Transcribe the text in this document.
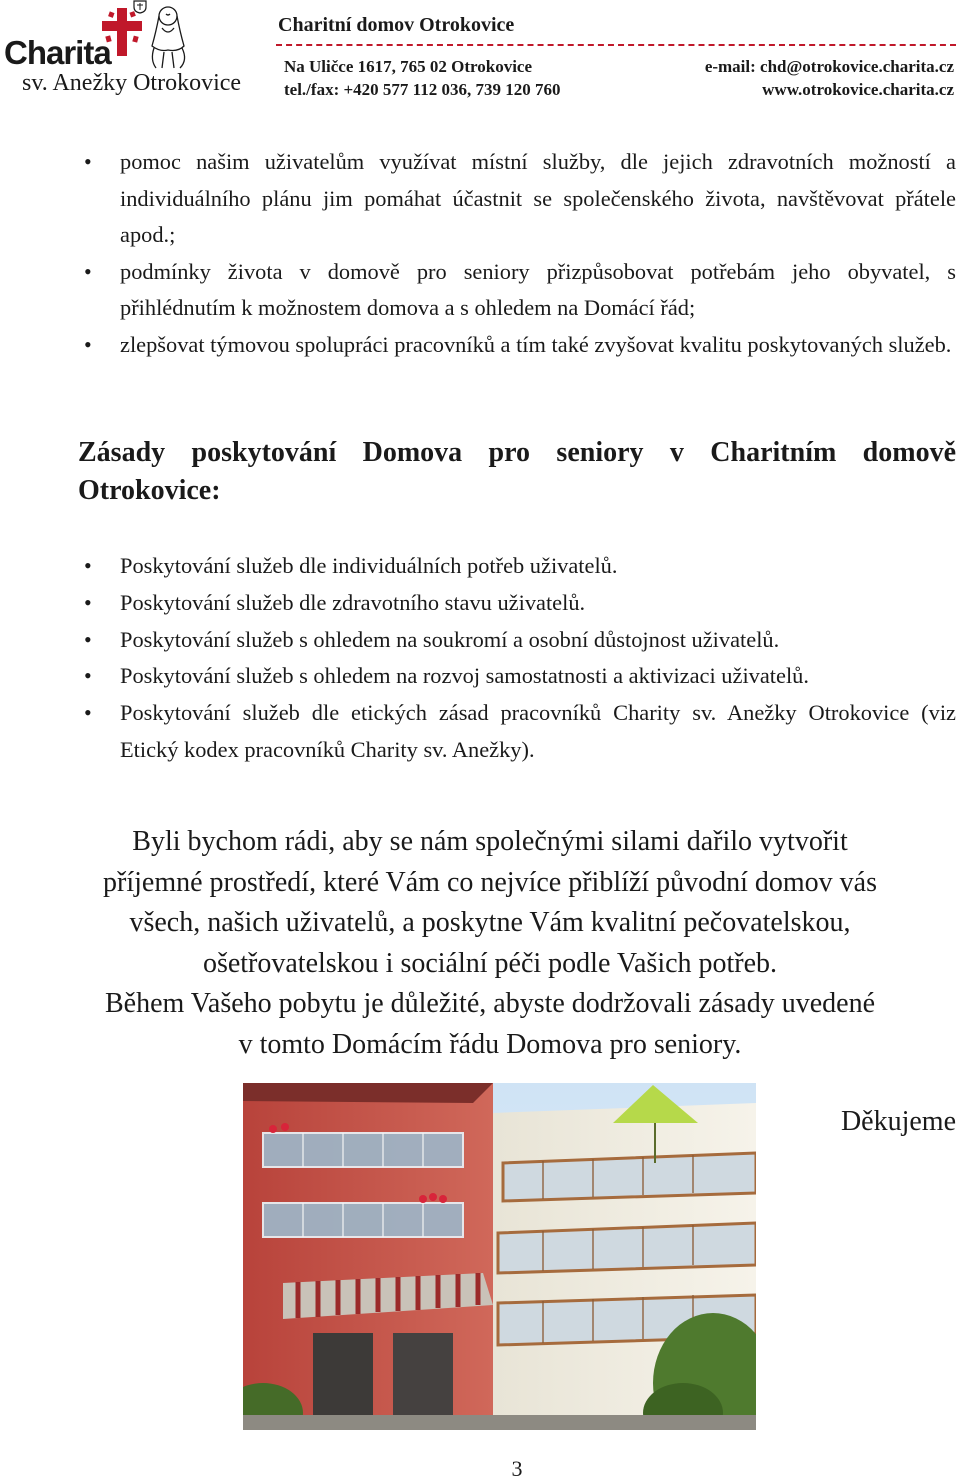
Charita
sv. Anežky Otrokovice
Charitní domov Otrokovice
Na Uličce 1617, 765 02 Otrokovice
tel./fax: +420 577 112 036, 739 120 760
e-mail: chd@otrokovice.charita.cz
www.otrokovice.charita.cz
• pomoc našim uživatelům využívat místní služby, dle jejich zdravotních možností a individuálního plánu jim pomáhat účastnit se společenského života, navštěvovat přátele apod.;
• podmínky života v domově pro seniory přizpůsobovat potřebám jeho obyvatel, s přihlédnutím k možnostem domova a s ohledem na Domácí řád;
• zlepšovat týmovou spolupráci pracovníků a tím také zvyšovat kvalitu poskytovaných služeb.
Zásady poskytování Domova pro seniory v Charitním domově Otrokovice:
• Poskytování služeb dle individuálních potřeb uživatelů.
• Poskytování služeb dle zdravotního stavu uživatelů.
• Poskytování služeb s ohledem na soukromí a osobní důstojnost uživatelů.
• Poskytování služeb s ohledem na rozvoj samostatnosti a aktivizaci uživatelů.
• Poskytování služeb dle etických zásad pracovníků Charity sv. Anežky Otrokovice (viz Etický kodex pracovníků Charity sv. Anežky).
Byli bychom rádi, aby se nám společnými silami dařilo vytvořit
příjemné prostředí, které Vám co nejvíce přiblíží původní domov vás
všech, našich uživatelů, a poskytne Vám kvalitní pečovatelskou,
ošetřovatelskou i sociální péči podle Vašich potřeb.
Během Vašeho pobytu je důležité, abyste dodržovali zásady uvedené
v tomto Domácím řádu Domova pro seniory.
Děkujeme
3
